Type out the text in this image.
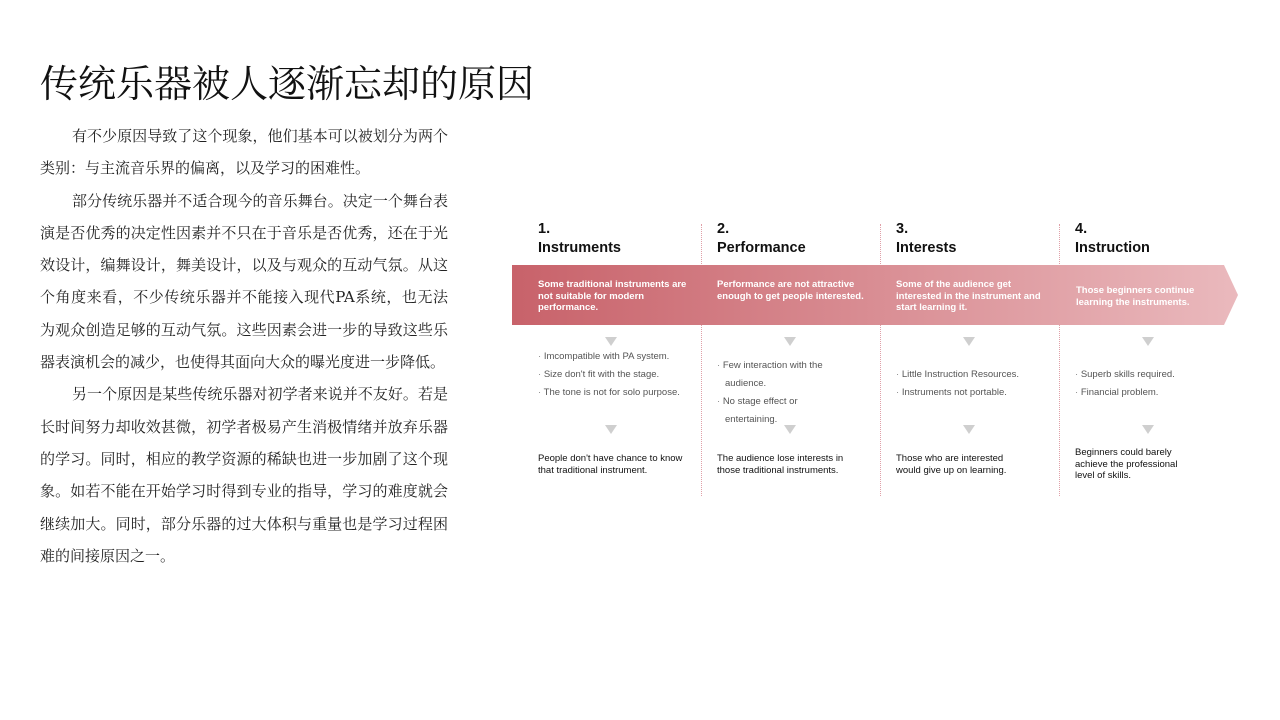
传统乐器被人逐渐忘却的原因

有不少原因导致了这个现象，他们基本可以被划分为两个类别：与主流音乐界的偏离，以及学习的困难性。

部分传统乐器并不适合现今的音乐舞台。决定一个舞台表演是否优秀的决定性因素并不只在于音乐是否优秀，还在于光效设计，编舞设计，舞美设计，以及与观众的互动气氛。从这个角度来看，不少传统乐器并不能接入现代PA系统，也无法为观众创造足够的互动气氛。这些因素会进一步的导致这些乐器表演机会的减少，也使得其面向大众的曝光度进一步降低。

另一个原因是某些传统乐器对初学者来说并不友好。若是长时间努力却收效甚微，初学者极易产生消极情绪并放弃乐器的学习。同时，相应的教学资源的稀缺也进一步加剧了这个现象。如若不能在开始学习时得到专业的指导，学习的难度就会继续加大。同时，部分乐器的过大体积与重量也是学习过程困难的间接原因之一。

1.
Instruments
2.
Performance
3.
Interests
4.
Instruction
Some traditional instruments are not suitable for modern performance.
Performance are not attractive enough to get people interested.
Some of the audience get interested in the instrument and start learning it.
Those beginners continue learning the instruments.
· Imcompatible with PA system.
· Size don't fit with the stage.
· The tone is not for solo purpose.
· Few interaction with the audience.
· No stage effect or entertaining.
· Little Instruction Resources.
· Instruments not portable.
· Superb skills required.
· Financial problem.
People don't have chance to know that traditional instrument.
The audience lose interests in those traditional instruments.
Those who are interested would give up on learning.
Beginners could barely achieve the professional level of skills.
